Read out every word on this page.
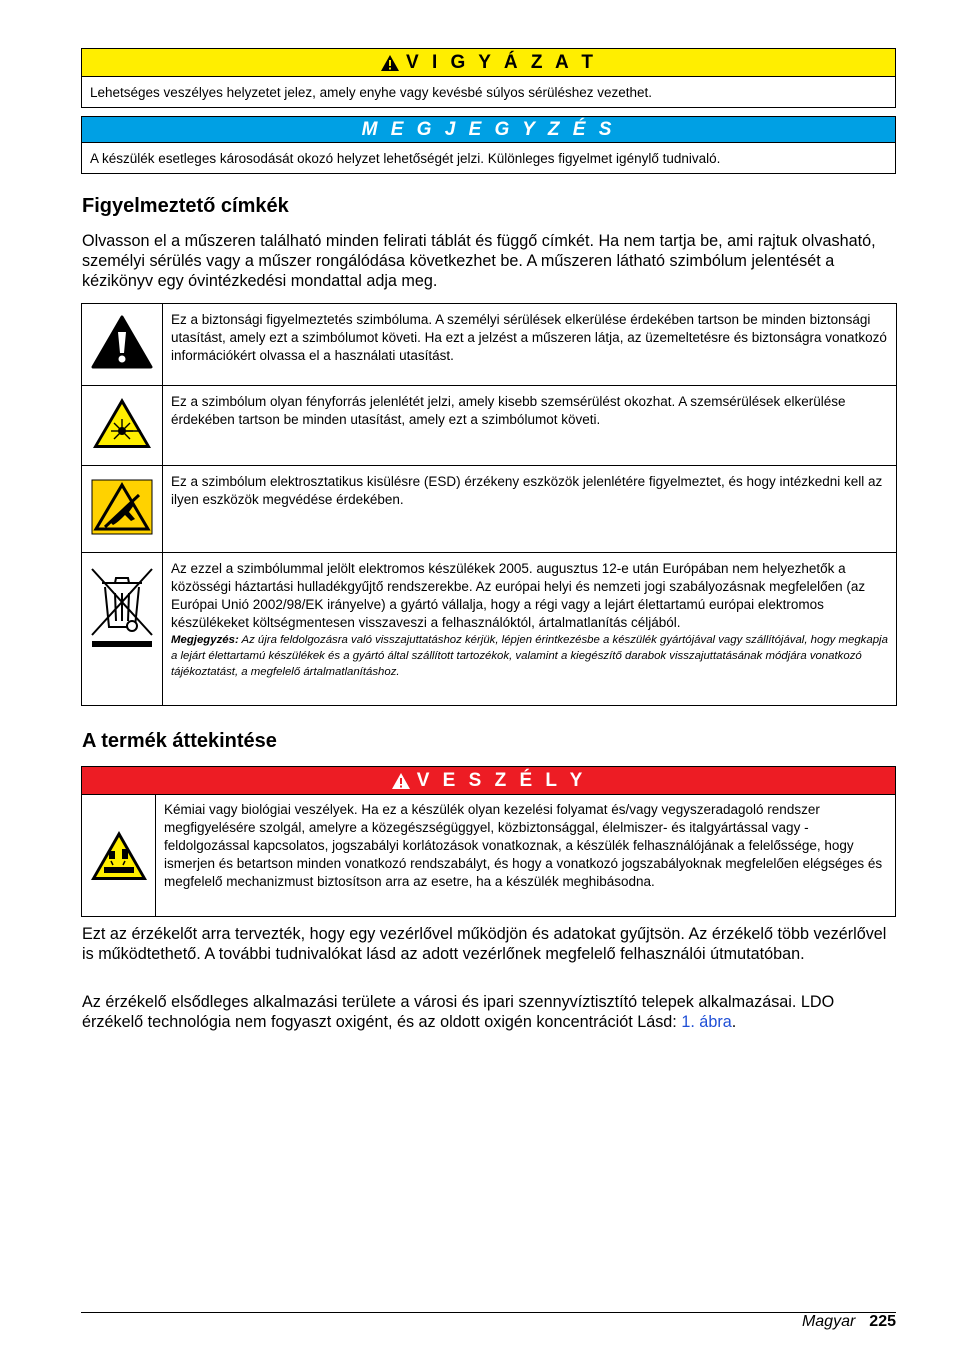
V I G Y Á Z A T
Lehetséges veszélyes helyzetet jelez, amely enyhe vagy kevésbé súlyos sérüléshez vezethet.
M E G J E G Y Z É S
A készülék esetleges károsodását okozó helyzet lehetőségét jelzi. Különleges figyelmet igénylő tudnivaló.
Figyelmeztető címkék

Olvasson el a műszeren található minden felirati táblát és függő címkét. Ha nem tartja be, ami rajtuk olvasható, személyi sérülés vagy a műszer rongálódása következhet be. A műszeren látható szimbólum jelentését a kézikönyv egy óvintézkedési mondattal adja meg.

	Ez a biztonsági figyelmeztetés szimbóluma. A személyi sérülések elkerülése érdekében tartson be minden biztonsági utasítást, amely ezt a szimbólumot követi. Ha ezt a jelzést a műszeren látja, az üzemeltetésre és biztonságra vonatkozó információkért olvassa el a használati utasítást.
	Ez a szimbólum olyan fényforrás jelenlétét jelzi, amely kisebb szemsérülést okozhat. A szemsérülések elkerülése érdekében tartson be minden utasítást, amely ezt a szimbólumot követi.
	Ez a szimbólum elektrosztatikus kisülésre (ESD) érzékeny eszközök jelenlétére figyelmeztet, és hogy intézkedni kell az ilyen eszközök megvédése érdekében.

Az ezzel a szimbólummal jelölt elektromos készülékek 2005. augusztus 12-e után Európában nem helyezhetők a közösségi háztartási hulladékgyűjtő rendszerekbe. Az európai helyi és nemzeti jogi szabályozásnak megfelelően (az Európai Unió 2002/98/EK irányelve) a gyártó vállalja, hogy a régi vagy a lejárt élettartamú európai elektromos készülékeket költségmentesen visszaveszi a felhasználóktól, ártalmatlanítás céljából.
Megjegyzés: Az újra feldolgozásra való visszajuttatáshoz kérjük, lépjen érintkezésbe a készülék gyártójával vagy szállítójával, hogy megkapja a lejárt élettartamú készülékek és a gyártó által szállított tartozékok, valamint a kiegészítő darabok visszajuttatásának módjára vonatkozó tájékoztatást, a megfelelő ártalmatlanításhoz.
A termék áttekintése
V E S Z É L Y
Kémiai vagy biológiai veszélyek. Ha ez a készülék olyan kezelési folyamat és/vagy vegyszeradagoló rendszer megfigyelésére szolgál, amelyre a közegészségüggyel, közbiztonsággal, élelmiszer- és italgyártással vagy -feldolgozással kapcsolatos, jogszabályi korlátozások vonatkoznak, a készülék felhasználójának a felelőssége, hogy ismerjen és betartson minden vonatkozó rendszabályt, és hogy a vonatkozó jogszabályoknak megfelelően elégséges és megfelelő mechanizmust biztosítson arra az esetre, ha a készülék meghibásodna.

Ezt az érzékelőt arra tervezték, hogy egy vezérlővel működjön és adatokat gyűjtsön. Az érzékelő több vezérlővel is működtethető. A további tudnivalókat lásd az adott vezérlőnek megfelelő felhasználói útmutatóban.

Az érzékelő elsődleges alkalmazási területe a városi és ipari szennyvíztisztító telepek alkalmazásai. LDO érzékelő technológia nem fogyaszt oxigént, és az oldott oxigén koncentrációt Lásd: 1. ábra.

Magyar 225
